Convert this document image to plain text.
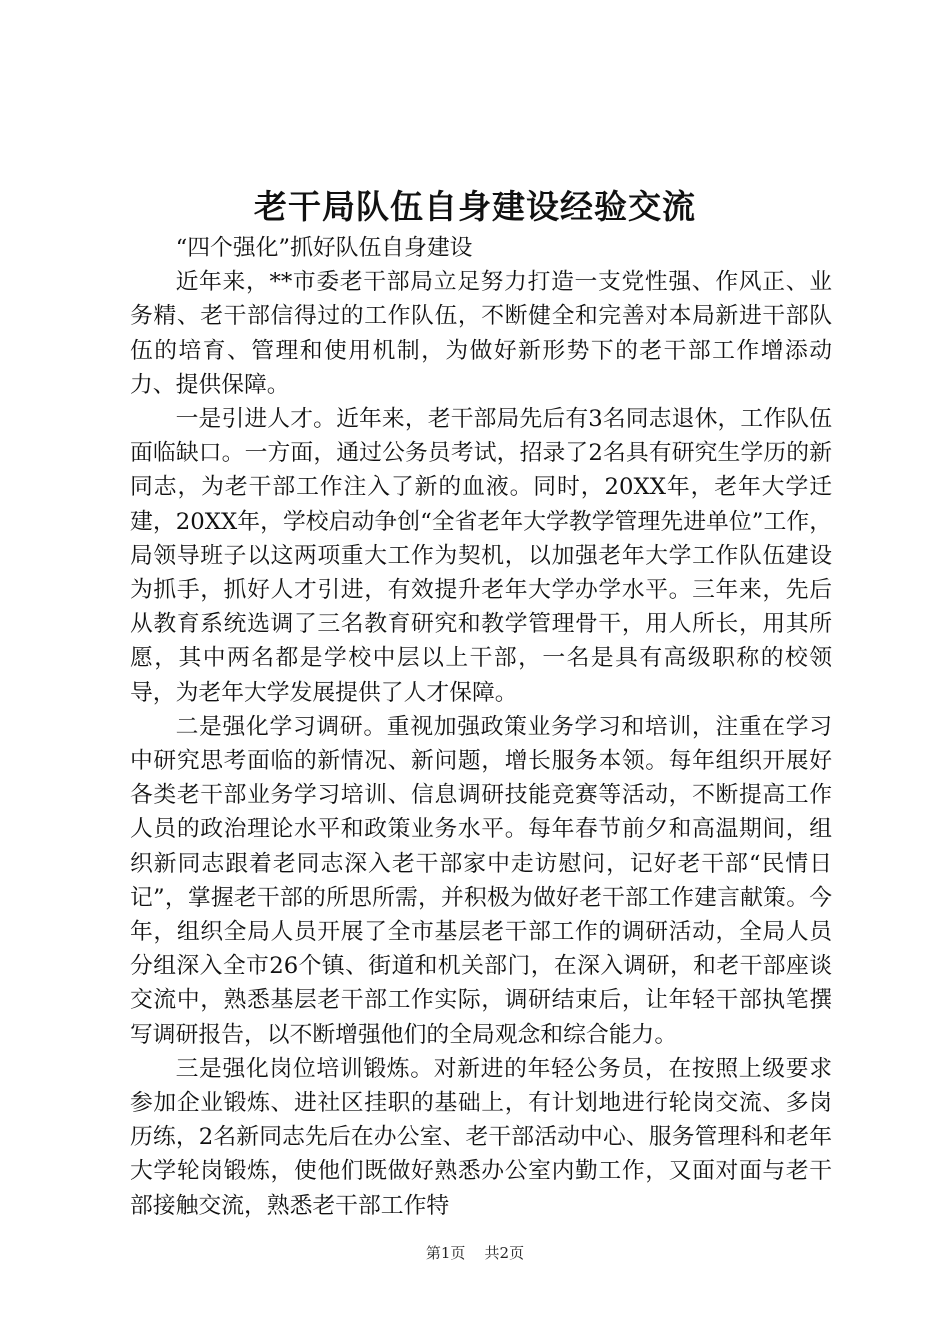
老干局队伍自身建设经验交流

“四个强化”抓好队伍自身建设

近年来，**市委老干部局立足努力打造一支党性强、作风正、业务精、老干部信得过的工作队伍，不断健全和完善对本局新进干部队伍的培育、管理和使用机制，为做好新形势下的老干部工作增添动力、提供保障。

一是引进人才。近年来，老干部局先后有3名同志退休，工作队伍面临缺口。一方面，通过公务员考试，招录了2名具有研究生学历的新同志，为老干部工作注入了新的血液。同时，20XX年，老年大学迁建，20XX年，学校启动争创“全省老年大学教学管理先进单位”工作，局领导班子以这两项重大工作为契机，以加强老年大学工作队伍建设为抓手，抓好人才引进，有效提升老年大学办学水平。三年来，先后从教育系统选调了三名教育研究和教学管理骨干，用人所长，用其所愿，其中两名都是学校中层以上干部，一名是具有高级职称的校领导，为老年大学发展提供了人才保障。

二是强化学习调研。重视加强政策业务学习和培训，注重在学习中研究思考面临的新情况、新问题，增长服务本领。每年组织开展好各类老干部业务学习培训、信息调研技能竞赛等活动，不断提高工作人员的政治理论水平和政策业务水平。每年春节前夕和高温期间，组织新同志跟着老同志深入老干部家中走访慰问，记好老干部“民情日记”，掌握老干部的所思所需，并积极为做好老干部工作建言献策。今年，组织全局人员开展了全市基层老干部工作的调研活动，全局人员分组深入全市26个镇、街道和机关部门，在深入调研，和老干部座谈交流中，熟悉基层老干部工作实际，调研结束后，让年轻干部执笔撰写调研报告，以不断增强他们的全局观念和综合能力。

三是强化岗位培训锻炼。对新进的年轻公务员，在按照上级要求参加企业锻炼、进社区挂职的基础上，有计划地进行轮岗交流、多岗历练，2名新同志先后在办公室、老干部活动中心、服务管理科和老年大学轮岗锻炼，使他们既做好熟悉办公室内勤工作，又面对面与老干部接触交流，熟悉老干部工作特

第1页 共2页
